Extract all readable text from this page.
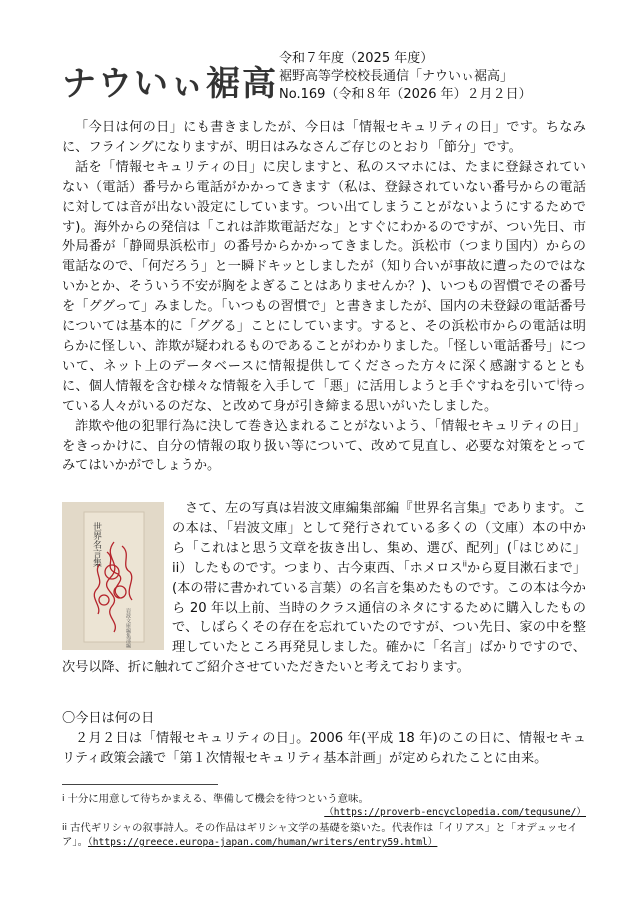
ナウいぃ裾高
令和７年度（2025 年度）
裾野高等学校校長通信「ナウいぃ裾高」
No.169（令和８年（2026 年）２月２日）

「今日は何の日」にも書きましたが、今日は「情報セキュリティの日」です。ちなみに、フライングになりますが、明日はみなさんご存じのとおり「節分」です。

話を「情報セキュリティの日」に戻しますと、私のスマホには、たまに登録されていない（電話）番号から電話がかかってきます（私は、登録されていない番号からの電話に対しては音が出ない設定にしています。つい出てしまうことがないようにするためです)。海外からの発信は「これは詐欺電話だな」とすぐにわかるのですが、つい先日、市外局番が「静岡県浜松市」の番号からかかってきました。浜松市（つまり国内）からの電話なので、「何だろう」と一瞬ドキッとしましたが（知り合いが事故に遭ったのではないかとか、そういう不安が胸をよぎることはありませんか？)、いつもの習慣でその番号を「ググって」みました。「いつもの習慣で」と書きましたが、国内の未登録の電話番号については基本的に「ググる」ことにしています。すると、その浜松市からの電話は明らかに怪しい、詐欺が疑われるものであることがわかりました。「怪しい電話番号」について、ネット上のデータベースに情報提供してくださった方々に深く感謝するとともに、個人情報を含む様々な情報を入手して「悪」に活用しようと手ぐすねを引いて$^i$待っている人々がいるのだな、と改めて身が引き締まる思いがいたしました。

詐欺や他の犯罪行為に決して巻き込まれることがないよう、「情報セキュリティの日」をきっかけに、自分の情報の取り扱い等について、改めて見直し、必要な対策をとってみてはいかがでしょうか。

世界名言集
岩波文庫編集部編

さて、左の写真は岩波文庫編集部編『世界名言集』であります。この本は、「岩波文庫」として発行されている多くの（文庫）本の中から「これはと思う文章を抜き出し、集め、選び、配列」(「はじめに」ii）したものです。つまり、古今東西、「ホメロス$^{ii}$から夏目漱石まで」(本の帯に書かれている言葉）の名言を集めたものです。この本は今から 20 年以上前、当時のクラス通信のネタにするために購入したもので、しばらくその存在を忘れていたのですが、つい先日、家の中を整理していたところ再発見しました。確かに「名言」ばかりですので、次号以降、折に触れてご紹介させていただきたいと考えております。

〇今日は何の日

２月２日は「情報セキュリティの日」。2006 年(平成 18 年)のこの日に、情報セキュリティ政策会議で「第１次情報セキュリティ基本計画」が定められたことに由来。

i 十分に用意して待ちかまえる、準備して機会を待つという意味。
（https://proverb-encyclopedia.com/tegusune/）
ii 古代ギリシャの叙事詩人。その作品はギリシャ文学の基礎を築いた。代表作は「イリアス」と「オデュッセイア」。（https://greece.europa-japan.com/human/writers/entry59.html）
